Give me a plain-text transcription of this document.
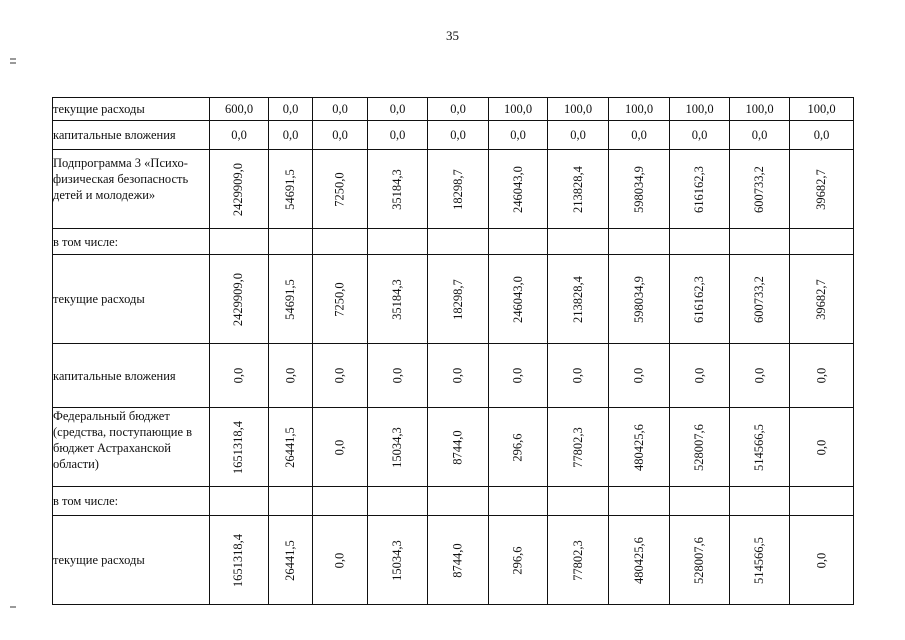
35
текущие расходы	600,0	0,0	0,0	0,0	0,0	100,0	100,0	100,0	100,0	100,0	100,0
капитальные вложения	0,0	0,0	0,0	0,0	0,0	0,0	0,0	0,0	0,0	0,0	0,0
Подпрограмма 3 «Психо-физическая безопасность детей и молодежи»	2429909,0	54691,5	7250,0	35184,3	18298,7	246043,0	213828,4	598034,9	616162,3	600733,2	39682,7
в том числе:											
текущие расходы	2429909,0	54691,5	7250,0	35184,3	18298,7	246043,0	213828,4	598034,9	616162,3	600733,2	39682,7
капитальные вложения	0,0	0,0	0,0	0,0	0,0	0,0	0,0	0,0	0,0	0,0	0,0
Федеральный бюджет (средства, поступающие в бюджет Астраханской области)	1651318,4	26441,5	0,0	15034,3	8744,0	296,6	77802,3	480425,6	528007,6	514566,5	0,0
в том числе:											
текущие расходы	1651318,4	26441,5	0,0	15034,3	8744,0	296,6	77802,3	480425,6	528007,6	514566,5	0,0
